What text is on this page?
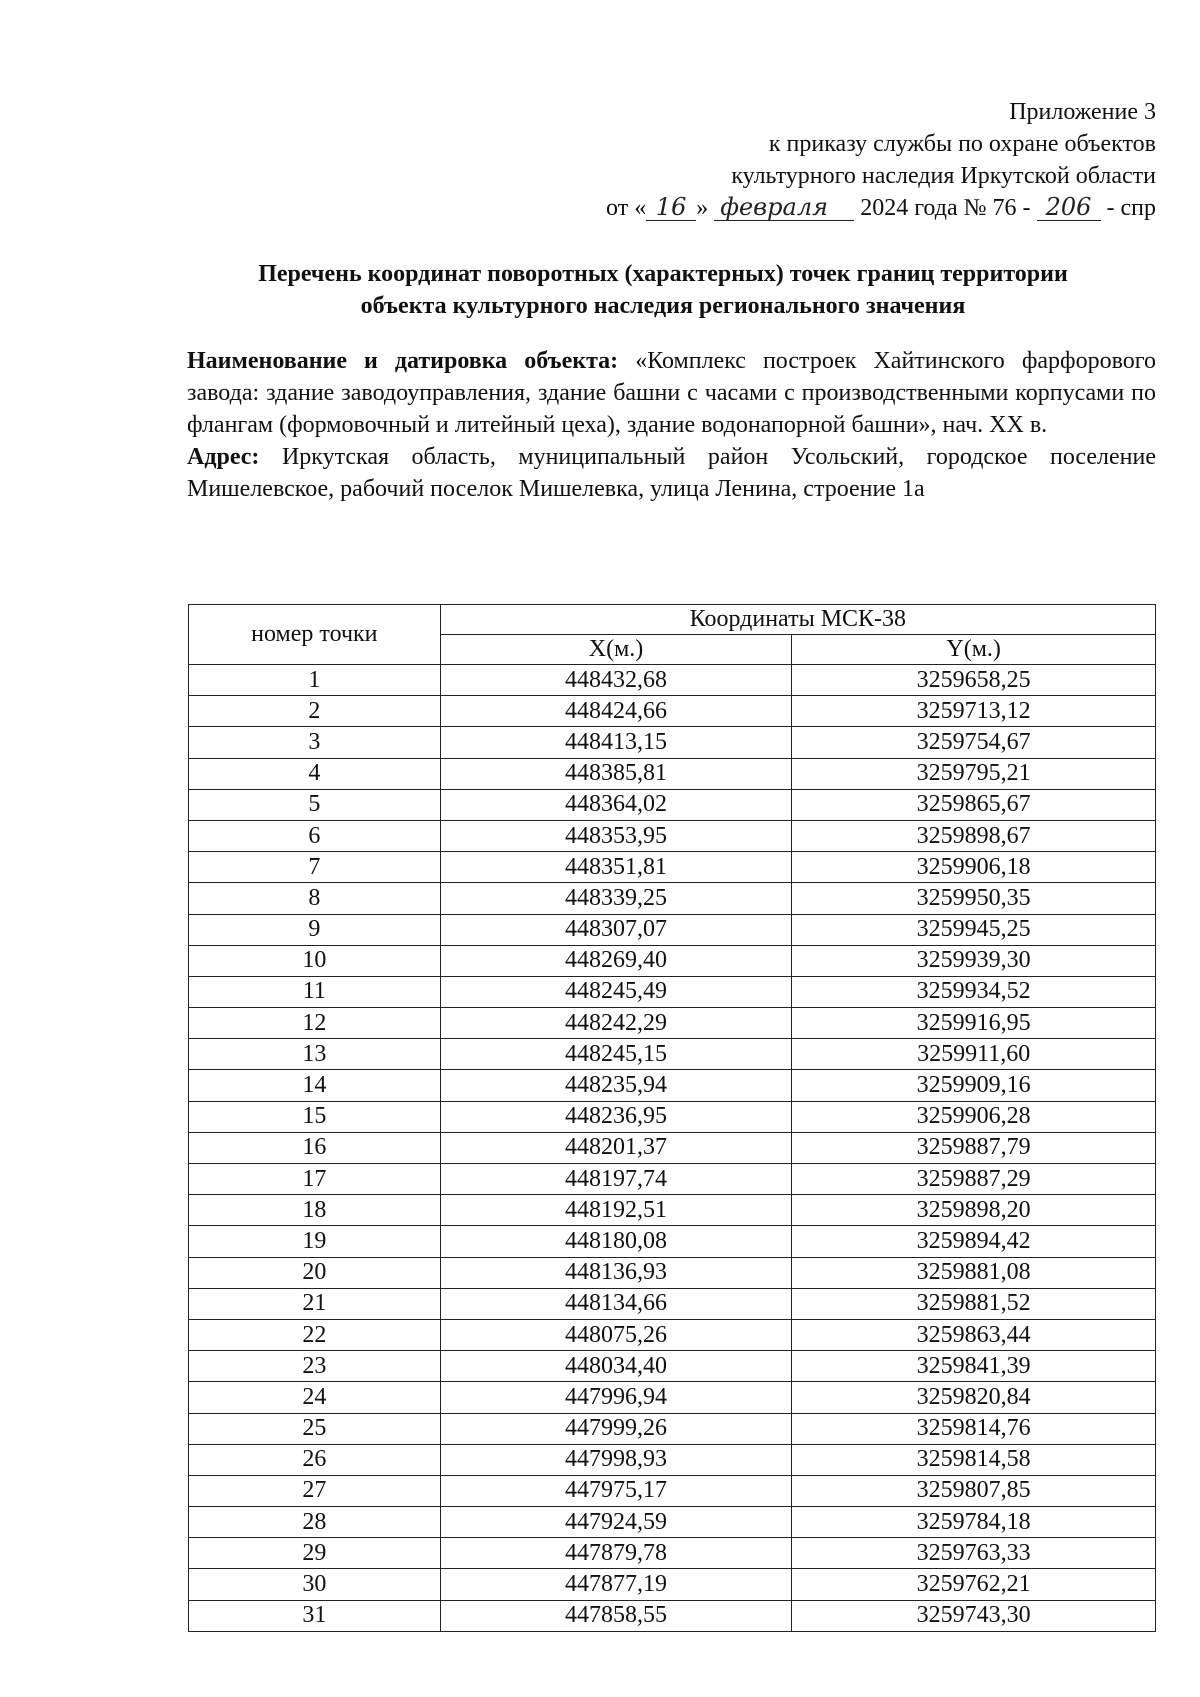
Приложение 3
к приказу службы по охране объектов
культурного наследия Иркутской области
от « 16 » февраля 2024 года № 76 - 206 - спр
Перечень координат поворотных (характерных) точек границ территории
объекта культурного наследия регионального значения

Наименование и датировка объекта: «Комплекс построек Хайтинского фарфорового завода: здание заводоуправления, здание башни с часами с производственными корпусами по флангам (формовочный и литейный цеха), здание водонапорной башни», нач. XX в.

Адрес: Иркутская область, муниципальный район Усольский, городское поселение Мишелевское, рабочий поселок Мишелевка, улица Ленина, строение 1а

номер точки	Координаты МСК-38	
	X(м.)	Y(м.)
1	448432,68	3259658,25
2	448424,66	3259713,12
3	448413,15	3259754,67
4	448385,81	3259795,21
5	448364,02	3259865,67
6	448353,95	3259898,67
7	448351,81	3259906,18
8	448339,25	3259950,35
9	448307,07	3259945,25
10	448269,40	3259939,30
11	448245,49	3259934,52
12	448242,29	3259916,95
13	448245,15	3259911,60
14	448235,94	3259909,16
15	448236,95	3259906,28
16	448201,37	3259887,79
17	448197,74	3259887,29
18	448192,51	3259898,20
19	448180,08	3259894,42
20	448136,93	3259881,08
21	448134,66	3259881,52
22	448075,26	3259863,44
23	448034,40	3259841,39
24	447996,94	3259820,84
25	447999,26	3259814,76
26	447998,93	3259814,58
27	447975,17	3259807,85
28	447924,59	3259784,18
29	447879,78	3259763,33
30	447877,19	3259762,21
31	447858,55	3259743,30
